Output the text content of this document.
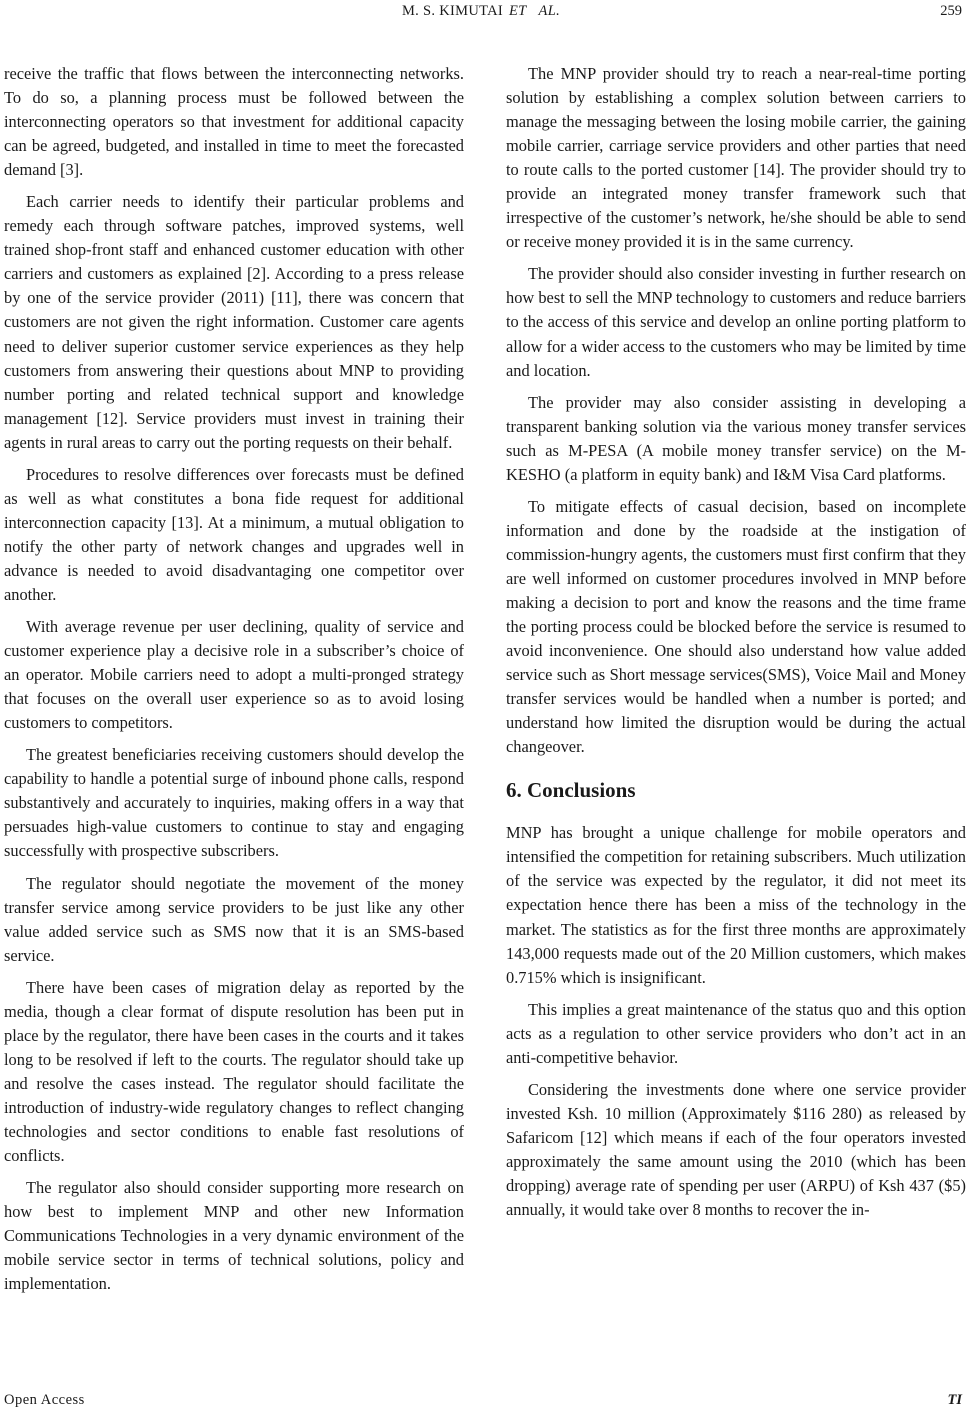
M. S. KIMUTAI ET AL.	259

receive the traffic that flows between the interconnecting networks. To do so, a planning process must be followed between the interconnecting operators so that investment for additional capacity can be agreed, budgeted, and installed in time to meet the forecasted demand [3].

Each carrier needs to identify their particular problems and remedy each through software patches, improved systems, well trained shop-front staff and enhanced customer education with other carriers and customers as explained [2]. According to a press release by one of the service provider (2011) [11], there was concern that customers are not given the right information. Customer care agents need to deliver superior customer service experiences as they help customers from answering their questions about MNP to providing number porting and related technical support and knowledge management [12]. Service providers must invest in training their agents in rural areas to carry out the porting requests on their behalf.

Procedures to resolve differences over forecasts must be defined as well as what constitutes a bona fide request for additional interconnection capacity [13]. At a minimum, a mutual obligation to notify the other party of network changes and upgrades well in advance is needed to avoid disadvantaging one competitor over another.

With average revenue per user declining, quality of service and customer experience play a decisive role in a subscriber’s choice of an operator. Mobile carriers need to adopt a multi-pronged strategy that focuses on the overall user experience so as to avoid losing customers to competitors.

The greatest beneficiaries receiving customers should develop the capability to handle a potential surge of inbound phone calls, respond substantively and accurately to inquiries, making offers in a way that persuades high-value customers to continue to stay and engaging successfully with prospective subscribers.

The regulator should negotiate the movement of the money transfer service among service providers to be just like any other value added service such as SMS now that it is an SMS-based service.

There have been cases of migration delay as reported by the media, though a clear format of dispute resolution has been put in place by the regulator, there have been cases in the courts and it takes long to be resolved if left to the courts. The regulator should take up and resolve the cases instead. The regulator should facilitate the introduction of industry-wide regulatory changes to reflect changing technologies and sector conditions to enable fast resolutions of conflicts.

The regulator also should consider supporting more research on how best to implement MNP and other new Information Communications Technologies in a very dynamic environment of the mobile service sector in terms of technical solutions, policy and implementation.

The MNP provider should try to reach a near-real-time porting solution by establishing a complex solution between carriers to manage the messaging between the losing mobile carrier, the gaining mobile carrier, carriage service providers and other parties that need to route calls to the ported customer [14]. The provider should try to provide an integrated money transfer framework such that irrespective of the customer’s network, he/she should be able to send or receive money provided it is in the same currency.

The provider should also consider investing in further research on how best to sell the MNP technology to customers and reduce barriers to the access of this service and develop an online porting platform to allow for a wider access to the customers who may be limited by time and location.

The provider may also consider assisting in developing a transparent banking solution via the various money transfer services such as M-PESA (A mobile money transfer service) on the M-KESHO (a platform in equity bank) and I&M Visa Card platforms.

To mitigate effects of casual decision, based on incomplete information and done by the roadside at the instigation of commission-hungry agents, the customers must first confirm that they are well informed on customer procedures involved in MNP before making a decision to port and know the reasons and the time frame the porting process could be blocked before the service is resumed to avoid inconvenience. One should also understand how value added service such as Short message services(SMS), Voice Mail and Money transfer services would be handled when a number is ported; and understand how limited the disruption would be during the actual changeover.

6. Conclusions

MNP has brought a unique challenge for mobile operators and intensified the competition for retaining subscribers. Much utilization of the service was expected by the regulator, it did not meet its expectation hence there has been a miss of the technology in the market. The statistics as for the first three months are approximately 143,000 requests made out of the 20 Million customers, which makes 0.715% which is insignificant.

This implies a great maintenance of the status quo and this option acts as a regulation to other service providers who don’t act in an anti-competitive behavior.

Considering the investments done where one service provider invested Ksh. 10 million (Approximately $116 280) as released by Safaricom [12] which means if each of the four operators invested approximately the same amount using the 2010 (which has been dropping) average rate of spending per user (ARPU) of Ksh 437 ($5) annually, it would take over 8 months to recover the in-

Open Access	TI
